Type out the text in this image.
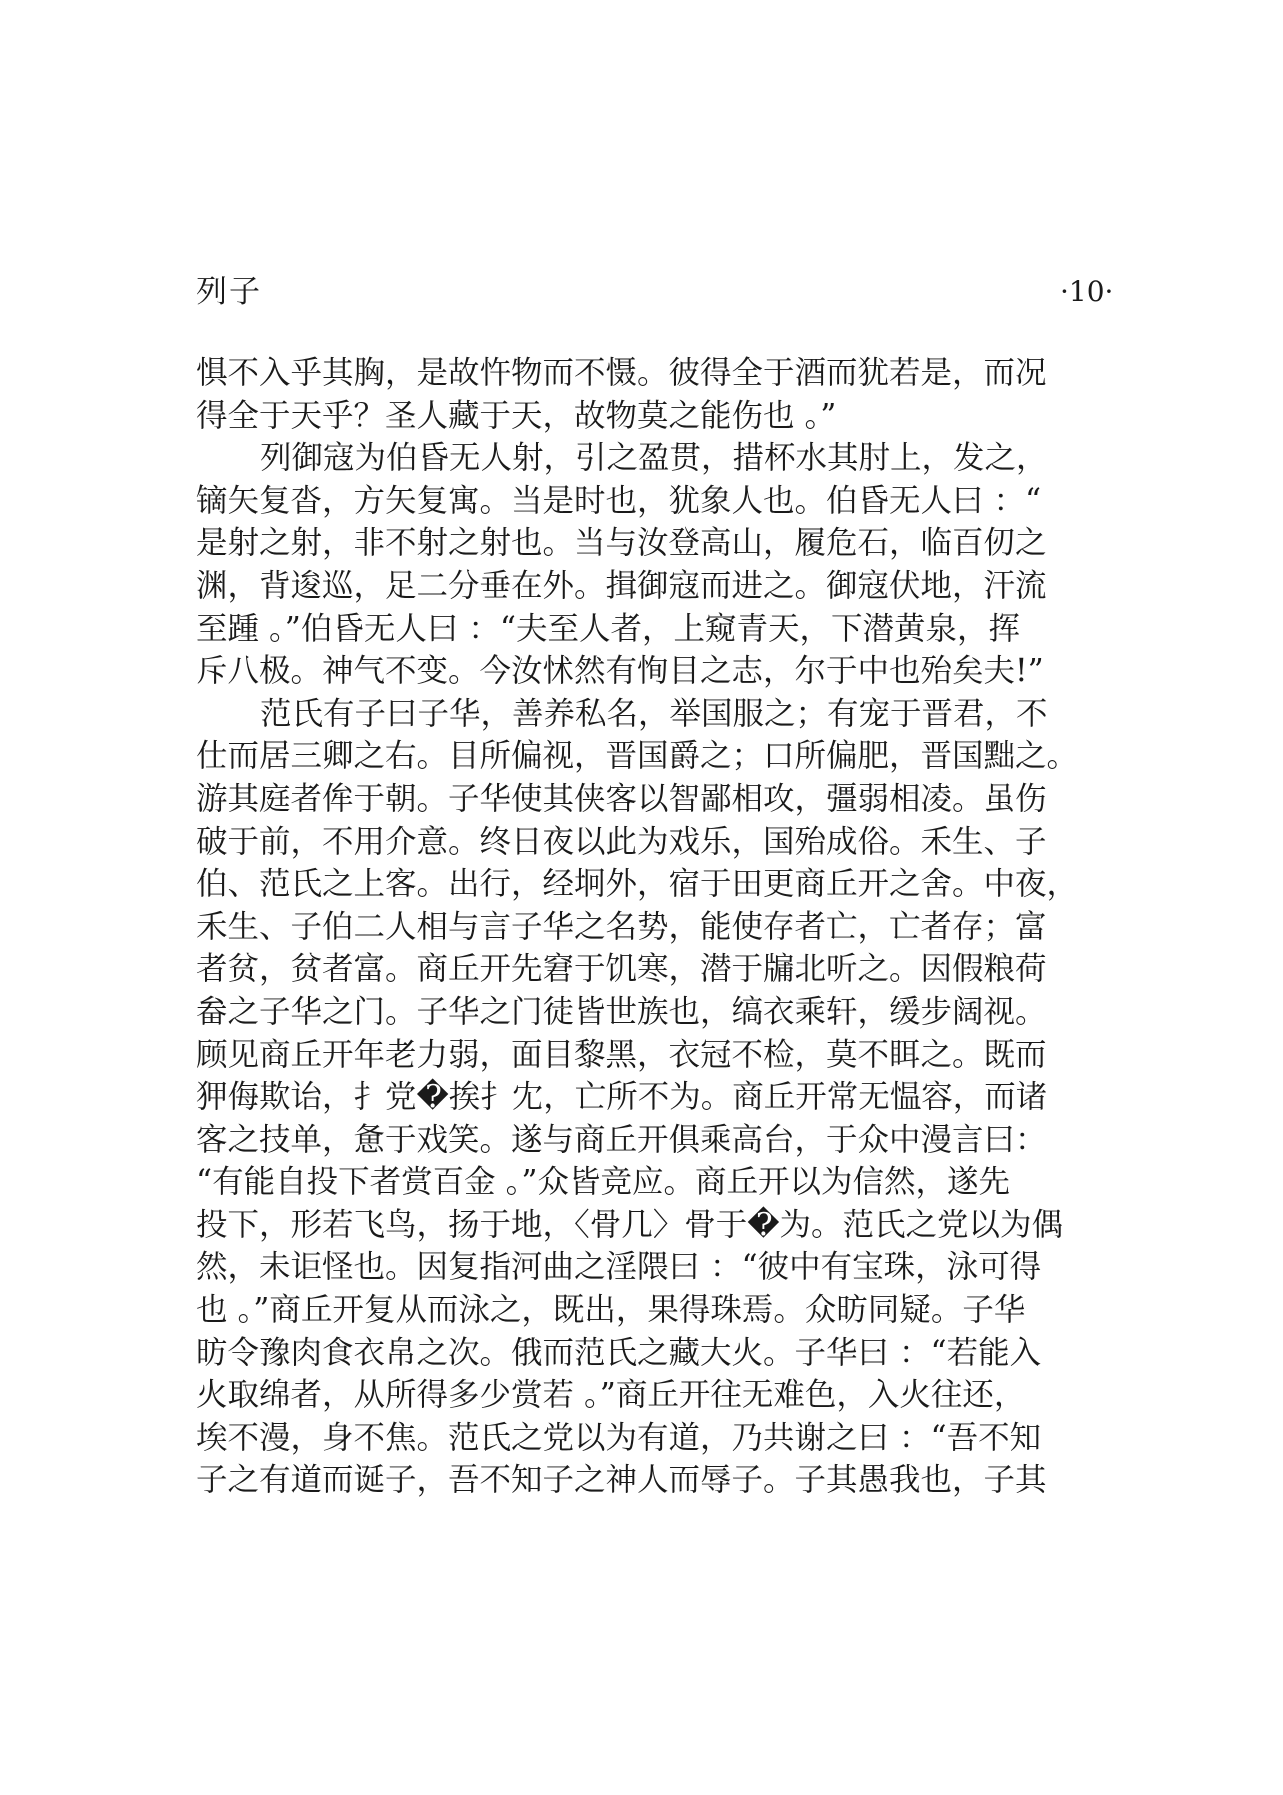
列子	·10·
惧不入乎其胸，是故忤物而不慑。彼得全于酒而犹若是，而况
得全于天乎？圣人藏于天，故物莫之能伤也 。”
列御寇为伯昏无人射，引之盈贯，措杯水其肘上，发之，
镝矢复沓，方矢复寓。当是时也，犹象人也。伯昏无人曰 ：“
是射之射，非不射之射也。当与汝登高山，履危石，临百仞之
渊，背逡巡，足二分垂在外。揖御寇而进之。御寇伏地，汗流
至踵 。”伯昏无人曰 ：“夫至人者，上窥青天，下潜黄泉，挥
斥八极。神气不变。今汝怵然有恂目之志，尔于中也殆矣夫!”
范氏有子曰子华，善养私名，举国服之；有宠于晋君，不
仕而居三卿之右。目所偏视，晋国爵之；口所偏肥，晋国黜之。
游其庭者侔于朝。子华使其侠客以智鄙相攻，彊弱相凌。虽伤
破于前，不用介意。终日夜以此为戏乐，国殆成俗。禾生、子
伯、范氏之上客。出行，经坰外，宿于田更商丘开之舍。中夜，
禾生、子伯二人相与言子华之名势，能使存者亡，亡者存；富
者贫，贫者富。商丘开先窘于饥寒，潜于牖北听之。因假粮荷
畚之子华之门。子华之门徒皆世族也，缟衣乘轩，缓步阔视。
顾见商丘开年老力弱，面目黎黑，衣冠不检，莫不眲之。既而
狎侮欺诒，扌党�挨扌冘，亡所不为。商丘开常无愠容，而诸
客之技单，惫于戏笑。遂与商丘开俱乘高台，于众中漫言曰：
“有能自投下者赏百金 。”众皆竞应。商丘开以为信然，遂先
投下，形若飞鸟，扬于地，〈骨几〉骨于�为。范氏之党以为偶
然，未讵怪也。因复指河曲之淫隈曰 ：“彼中有宝珠，泳可得
也 。”商丘开复从而泳之，既出，果得珠焉。众昉同疑。子华
昉令豫肉食衣帛之次。俄而范氏之藏大火。子华曰 ：“若能入
火取绵者，从所得多少赏若 。”商丘开往无难色，入火往还，
埃不漫，身不焦。范氏之党以为有道，乃共谢之曰 ：“吾不知
子之有道而诞子，吾不知子之神人而辱子。子其愚我也，子其
